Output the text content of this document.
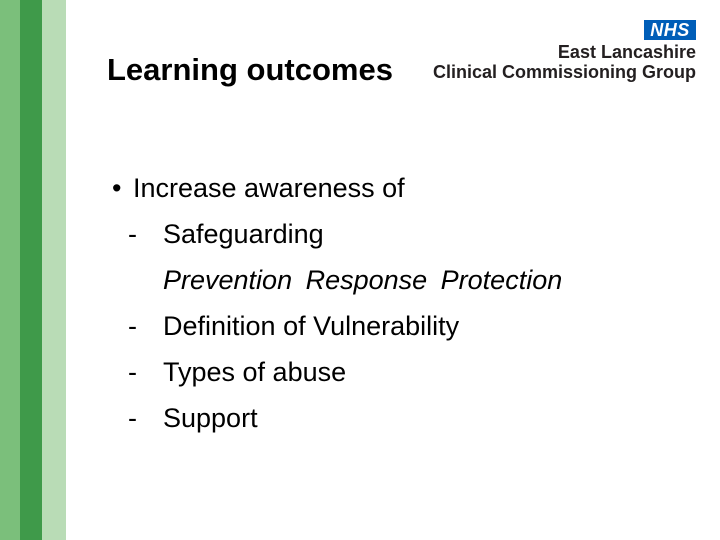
Learning outcomes
NHS
East Lancashire
Clinical Commissioning Group
• Increase awareness of
- Safeguarding
Prevention Response Protection
- Definition of Vulnerability
- Types of abuse
- Support
